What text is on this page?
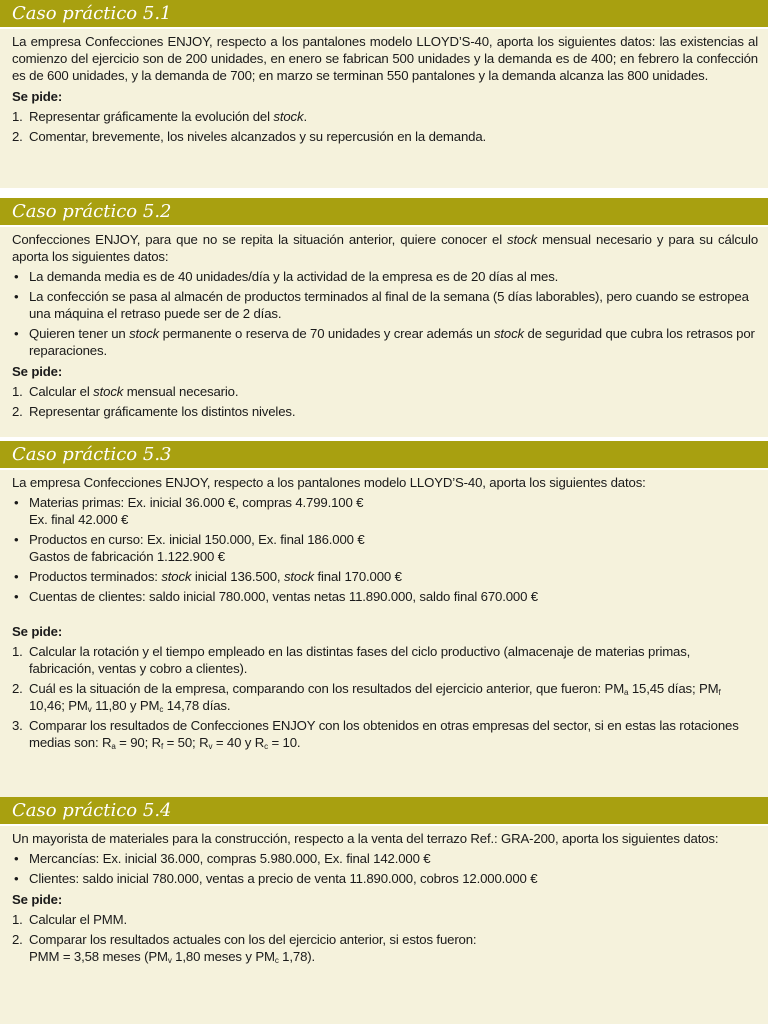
Caso práctico 5.1

La empresa Confecciones ENJOY, respecto a los pantalones modelo LLOYD’S-40, aporta los siguientes datos: las existencias al comienzo del ejercicio son de 200 unidades, en enero se fabrican 500 unidades y la demanda es de 400; en febrero la confección es de 600 unidades, y la demanda de 700; en marzo se terminan 550 pantalones y la demanda alcanza las 800 unidades.

Se pide:
1. Representar gráficamente la evolución del stock.
2. Comentar, brevemente, los niveles alcanzados y su repercusión en la demanda.
Caso práctico 5.2

Confecciones ENJOY, para que no se repita la situación anterior, quiere conocer el stock mensual necesario y para su cálculo aporta los siguientes datos:

• La demanda media es de 40 unidades/día y la actividad de la empresa es de 20 días al mes.
• La confección se pasa al almacén de productos terminados al final de la semana (5 días laborables), pero cuando se estropea una máquina el retraso puede ser de 2 días.
• Quieren tener un stock permanente o reserva de 70 unidades y crear además un stock de seguridad que cubra los retrasos por reparaciones.
Se pide:
1. Calcular el stock mensual necesario.
2. Representar gráficamente los distintos niveles.
Caso práctico 5.3

La empresa Confecciones ENJOY, respecto a los pantalones modelo LLOYD’S-40, aporta los siguientes datos:

• Materias primas: Ex. inicial 36.000 €, compras 4.799.100 €
Ex. final 42.000 €
• Productos en curso: Ex. inicial 150.000, Ex. final 186.000 €
Gastos de fabricación 1.122.900 €
• Productos terminados: stock inicial 136.500, stock final 170.000 €
• Cuentas de clientes: saldo inicial 780.000, ventas netas 11.890.000, saldo final 670.000 €
Se pide:
1. Calcular la rotación y el tiempo empleado en las distintas fases del ciclo productivo (almacenaje de materias primas, fabricación, ventas y cobro a clientes).
2. Cuál es la situación de la empresa, comparando con los resultados del ejercicio anterior, que fueron: $PM_a$ 15,45 días; $PM_f$ 10,46; $PM_v$ 11,80 y $PM_c$ 14,78 días.
3. Comparar los resultados de Confecciones ENJOY con los obtenidos en otras empresas del sector, si en estas las rotaciones medias son: $R_a = 90$; $R_f = 50$; $R_v = 40$ y $R_c = 10$.
Caso práctico 5.4

Un mayorista de materiales para la construcción, respecto a la venta del terrazo Ref.: GRA-200, aporta los siguientes datos:

• Mercancías: Ex. inicial 36.000, compras 5.980.000, Ex. final 142.000 €
• Clientes: saldo inicial 780.000, ventas a precio de venta 11.890.000, cobros 12.000.000 €
Se pide:
1. Calcular el PMM.
2. Comparar los resultados actuales con los del ejercicio anterior, si estos fueron:
PMM = 3,58 meses ($PM_v$ 1,80 meses y $PM_c$ 1,78).
